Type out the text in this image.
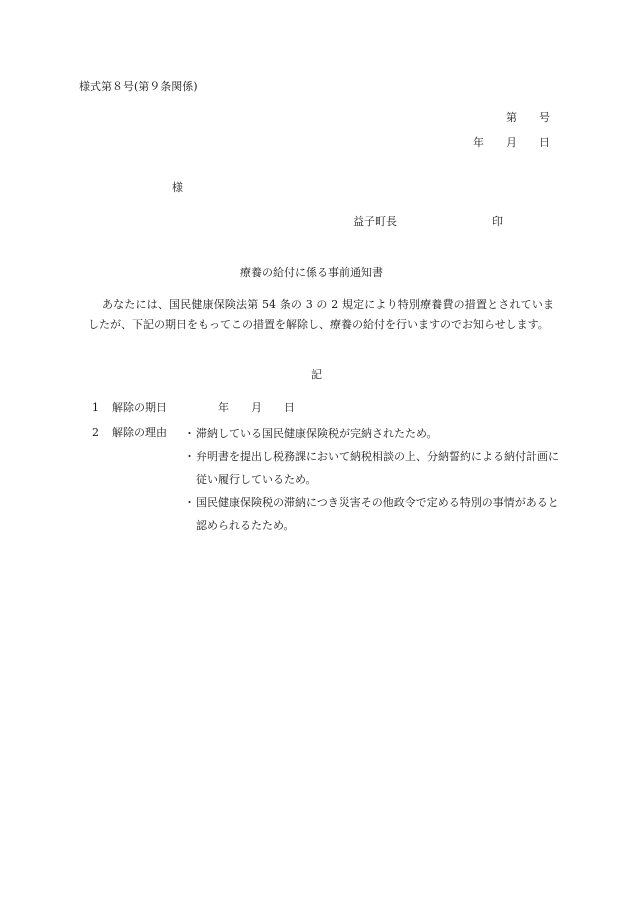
様式第８号(第９条関係)
第 号
年 月 日
様
益子町長	印
療養の給付に係る事前通知書
あなたには、国民健康保険法第 54 条の 3 の 2 規定により特別療養費の措置とされていましたが、下記の期日をもってこの措置を解除し、療養の給付を行いますのでお知らせします。
記
1 解除の期日	年 月 日
2 解除の理由 ・ 滞納している国民健康保険税が完納されたため。
・ 弁明書を提出し税務課において納税相談の上、分納誓約による納付計画に従い履行しているため。
・ 国民健康保険税の滞納につき災害その他政令で定める特別の事情があると認められるたため。
